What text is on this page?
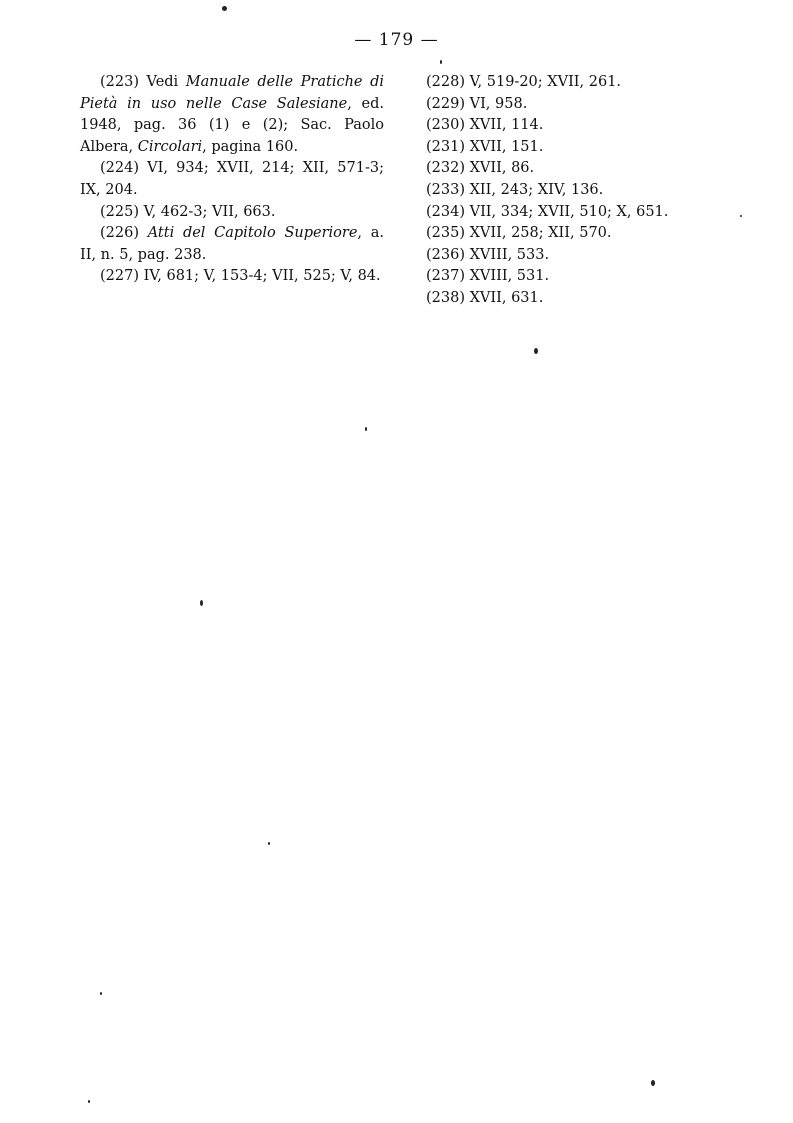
— 179 —

(223) Vedi Manuale delle Pratiche di Pietà in uso nelle Case Salesiane, ed. 1948, pag. 36 (1) e (2); Sac. Paolo Albera, Circolari, pagina 160.

(224) VI, 934; XVII, 214; XII, 571-3; IX, 204.

(225) V, 462-3; VII, 663.

(226) Atti del Capitolo Superiore, a. II, n. 5, pag. 238.

(227) IV, 681; V, 153-4; VII, 525; V, 84.

(228) V, 519-20; XVII, 261.

(229) VI, 958.

(230) XVII, 114.

(231) XVII, 151.

(232) XVII, 86.

(233) XII, 243; XIV, 136.

(234) VII, 334; XVII, 510; X, 651.

(235) XVII, 258; XII, 570.

(236) XVIII, 533.

(237) XVIII, 531.

(238) XVII, 631.
